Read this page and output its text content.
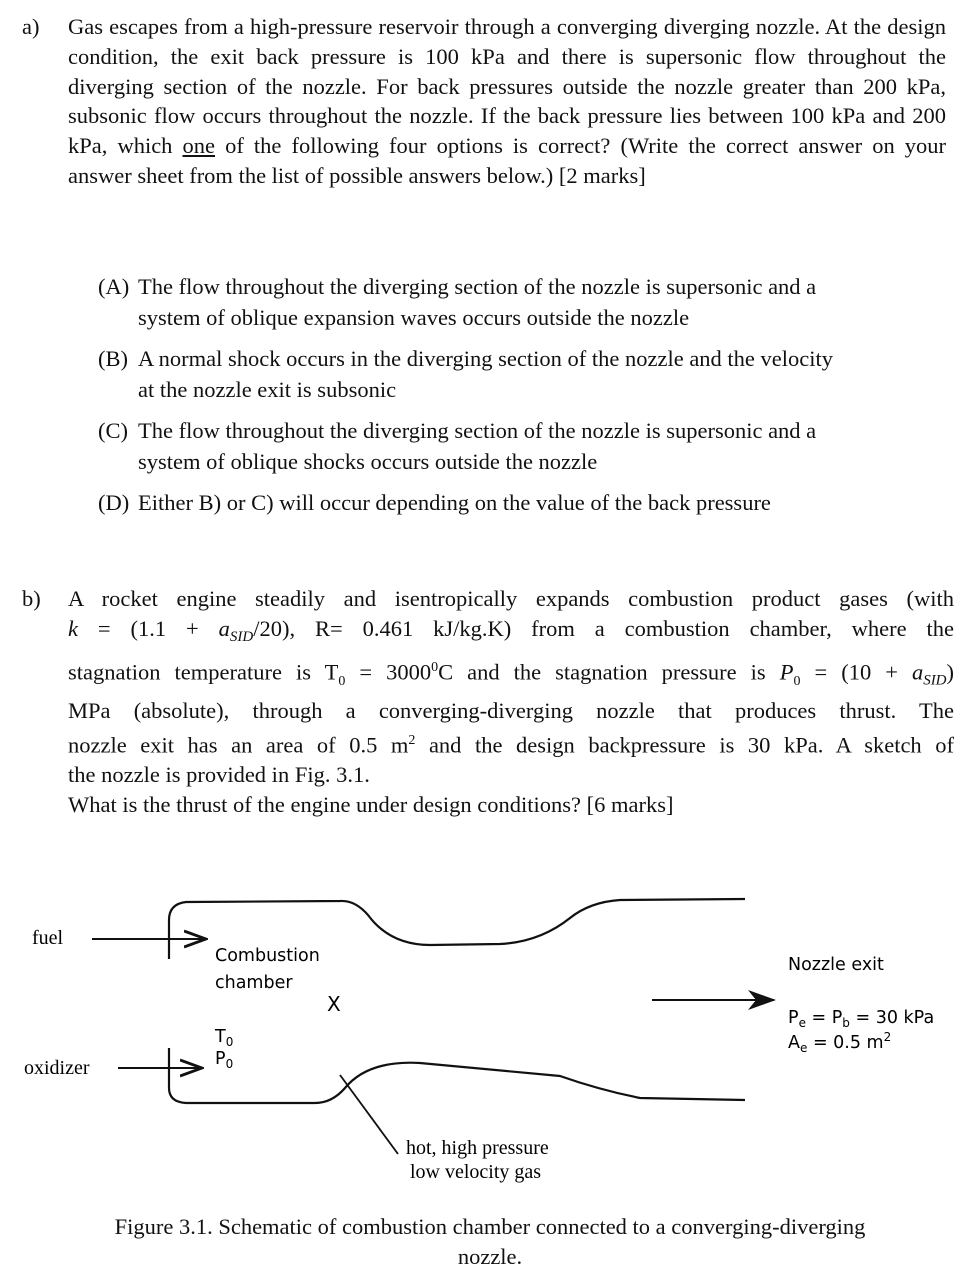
a) Gas escapes from a high-pressure reservoir through a converging diverging nozzle. At the design condition, the exit back pressure is 100 kPa and there is supersonic flow throughout the diverging section of the nozzle. For back pressures outside the nozzle greater than 200 kPa, subsonic flow occurs throughout the nozzle. If the back pressure lies between 100 kPa and 200 kPa, which one of the following four options is correct? (Write the correct answer on your answer sheet from the list of possible answers below.) [2 marks]
(A) The flow throughout the diverging section of the nozzle is supersonic and a
system of oblique expansion waves occurs outside the nozzle
(B) A normal shock occurs in the diverging section of the nozzle and the velocity
at the nozzle exit is subsonic
(C) The flow throughout the diverging section of the nozzle is supersonic and a
system of oblique shocks occurs outside the nozzle
(D) Either B) or C) will occur depending on the value of the back pressure
b) A rocket engine steadily and isentropically expands combustion product gases (with
$k = (1.1 + a_{SID}/20)$, R= 0.461 kJ/kg.K) from a combustion chamber, where the
stagnation temperature is $T_0 = 3000^0C$ and the stagnation pressure is $P_0 = (10 + a_{SID})$
MPa (absolute), through a converging-diverging nozzle that produces thrust. The
nozzle exit has an area of 0.5 $m^2$ and the design backpressure is 30 kPa. A sketch of
the nozzle is provided in Fig. 3.1.
What is the thrust of the engine under design conditions? [6 marks]
fuel
oxidizer
Combustion
chamber
X
$T_0$
$P_0$
Nozzle exit
$P_e = P_b = 30$ kPa
$A_e = 0.5$ $m^2$
hot, high pressure
low velocity gas
Figure 3.1. Schematic of combustion chamber connected to a converging-diverging
nozzle.
